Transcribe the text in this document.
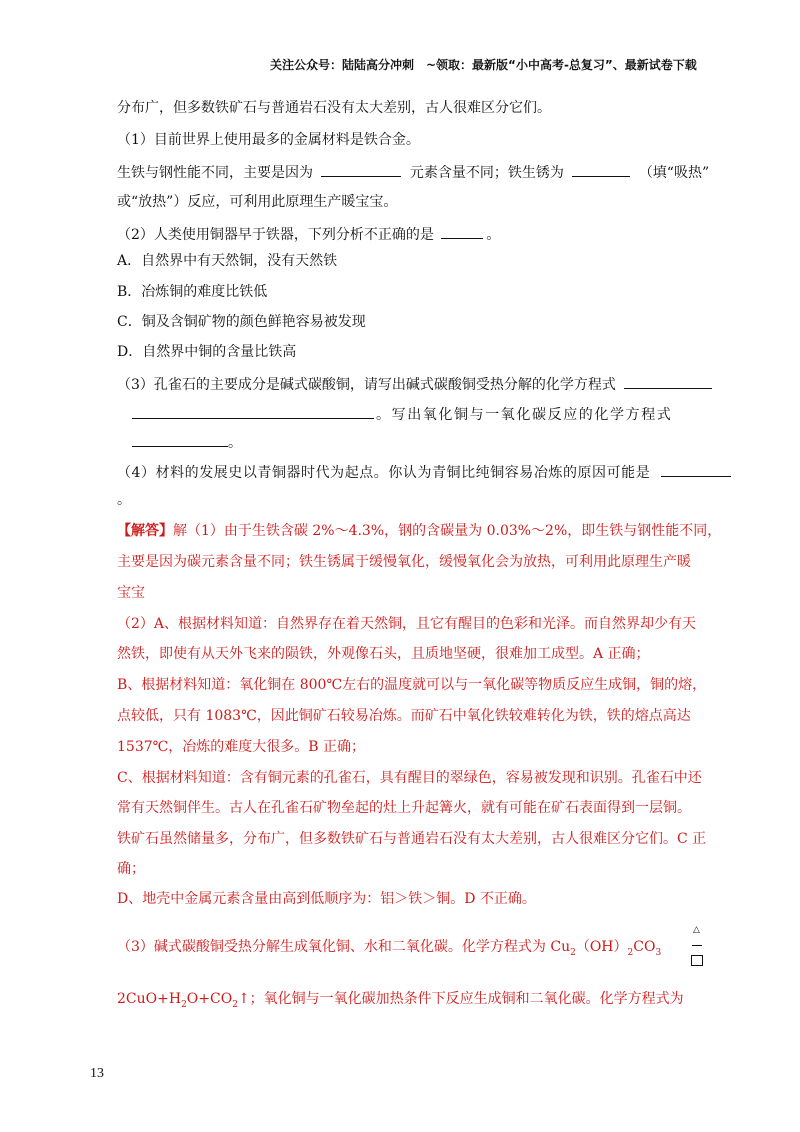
关注公众号：陆陆高分冲刺　~领取：最新版“小中高考-总复习”、最新试卷下载
分布广，但多数铁矿石与普通岩石没有太大差别，古人很难区分它们。
（1）目前世界上使用最多的金属材料是铁合金。
生铁与钢性能不同，主要是因为	元素含量不同；铁生锈为	（填“吸热”
或“放热”）反应，可利用此原理生产暖宝宝。
（2）人类使用铜器早于铁器，下列分析不正确的是	。
A．自然界中有天然铜，没有天然铁
B．冶炼铜的难度比铁低
C．铜及含铜矿物的颜色鲜艳容易被发现
D．自然界中铜的含量比铁高
（3）孔雀石的主要成分是碱式碳酸铜，请写出碱式碳酸铜受热分解的化学方程式
。写出氧化铜与一氧化碳反应的化学方程式
。
（4）材料的发展史以青铜器时代为起点。你认为青铜比纯铜容易冶炼的原因可能是
。
【解答】解（1）由于生铁含碳 2%～4.3%，钢的含碳量为 0.03%～2%，即生铁与钢性能不同，
主要是因为碳元素含量不同；铁生锈属于缓慢氧化，缓慢氧化会为放热，可利用此原理生产暖
宝宝
（2）A、根据材料知道：自然界存在着天然铜，且它有醒目的色彩和光泽。而自然界却少有天
然铁，即使有从天外飞来的陨铁，外观像石头，且质地坚硬，很难加工成型。A 正确；
B、根据材料知道：氧化铜在 800℃左右的温度就可以与一氧化碳等物质反应生成铜，铜的熔，
点较低，只有 1083℃，因此铜矿石较易冶炼。而矿石中氧化铁较难转化为铁，铁的熔点高达
1537℃，冶炼的难度大很多。B 正确；
C、根据材料知道：含有铜元素的孔雀石，具有醒目的翠绿色，容易被发现和识别。孔雀石中还
常有天然铜伴生。古人在孔雀石矿物垒起的灶上升起篝火，就有可能在矿石表面得到一层铜。
铁矿石虽然储量多，分布广，但多数铁矿石与普通岩石没有太大差别，古人很难区分它们。C 正
确；
D、地壳中金属元素含量由高到低顺序为：铝＞铁＞铜。D 不正确。
（3）碱式碳酸铜受热分解生成氧化铜、水和二氧化碳。化学方程式为 $Cu_2(OH)_2CO_3$
△
$2CuO+H_2O+CO_2↑$；氧化铜与一氧化碳加热条件下反应生成铜和二氧化碳。化学方程式为
13
